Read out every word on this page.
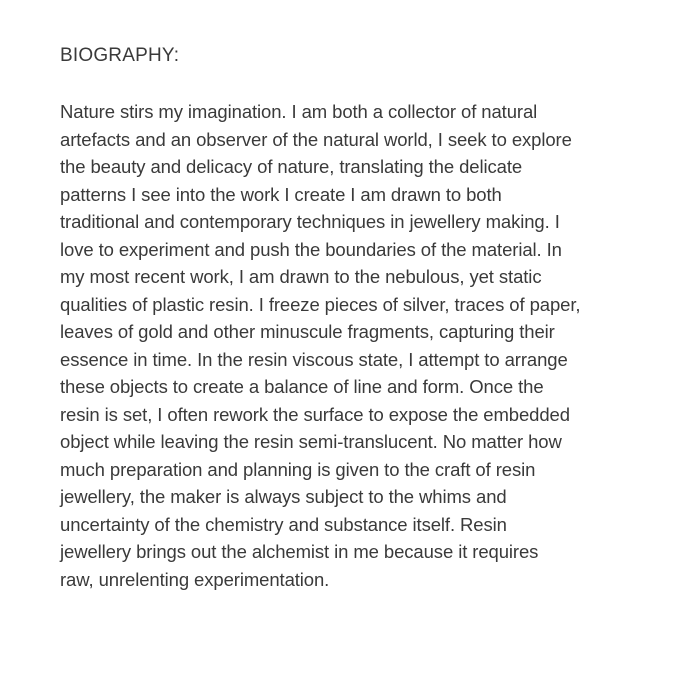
BIOGRAPHY:
Nature stirs my imagination. I am both a collector of natural
artefacts and an observer of the natural world, I seek to explore
the beauty and delicacy of nature, translating the delicate
patterns I see into the work I create I am drawn to both
traditional and contemporary techniques in jewellery making. I
love to experiment and push the boundaries of the material. In
my most recent work, I am drawn to the nebulous, yet static
qualities of plastic resin. I freeze pieces of silver, traces of paper,
leaves of gold and other minuscule fragments, capturing their
essence in time. In the resin viscous state, I attempt to arrange
these objects to create a balance of line and form. Once the
resin is set, I often rework the surface to expose the embedded
object while leaving the resin semi-translucent. No matter how
much preparation and planning is given to the craft of resin
jewellery, the maker is always subject to the whims and
uncertainty of the chemistry and substance itself. Resin
jewellery brings out the alchemist in me because it requires
raw, unrelenting experimentation.
